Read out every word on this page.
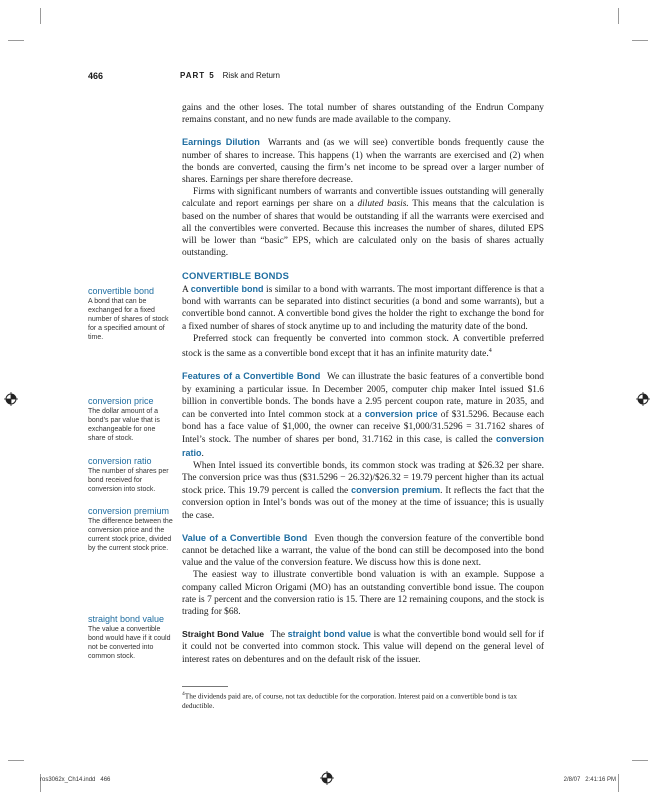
466	PART 5 Risk and Return

gains and the other loses. The total number of shares outstanding of the Endrun Company remains constant, and no new funds are made available to the company.

Earnings Dilution Warrants and (as we will see) convertible bonds frequently cause the number of shares to increase. This happens (1) when the warrants are exercised and (2) when the bonds are converted, causing the firm’s net income to be spread over a larger number of shares. Earnings per share therefore decrease.

Firms with significant numbers of warrants and convertible issues outstanding will generally calculate and report earnings per share on a diluted basis. This means that the calculation is based on the number of shares that would be outstanding if all the warrants were exercised and all the convertibles were converted. Because this increases the number of shares, diluted EPS will be lower than “basic” EPS, which are calculated only on the basis of shares actually outstanding.

CONVERTIBLE BONDS

A convertible bond is similar to a bond with warrants. The most important difference is that a bond with warrants can be separated into distinct securities (a bond and some warrants), but a convertible bond cannot. A convertible bond gives the holder the right to exchange the bond for a fixed number of shares of stock anytime up to and including the maturity date of the bond.

Preferred stock can frequently be converted into common stock. A convertible preferred stock is the same as a convertible bond except that it has an infinite maturity date.$^4$

Features of a Convertible Bond We can illustrate the basic features of a convertible bond by examining a particular issue. In December 2005, computer chip maker Intel issued $1.6 billion in convertible bonds. The bonds have a 2.95 percent coupon rate, mature in 2035, and can be converted into Intel common stock at a conversion price of $31.5296. Because each bond has a face value of $1,000, the owner can receive $1,000/31.5296 = 31.7162 shares of Intel’s stock. The number of shares per bond, 31.7162 in this case, is called the conversion ratio.

When Intel issued its convertible bonds, its common stock was trading at $26.32 per share. The conversion price was thus ($31.5296 − 26.32)/$26.32 = 19.79 percent higher than its actual stock price. This 19.79 percent is called the conversion premium. It reflects the fact that the conversion option in Intel’s bonds was out of the money at the time of issuance; this is usually the case.

Value of a Convertible Bond Even though the conversion feature of the convertible bond cannot be detached like a warrant, the value of the bond can still be decomposed into the bond value and the value of the conversion feature. We discuss how this is done next.

The easiest way to illustrate convertible bond valuation is with an example. Suppose a company called Micron Origami (MO) has an outstanding convertible bond issue. The coupon rate is 7 percent and the conversion ratio is 15. There are 12 remaining coupons, and the stock is trading for $68.

Straight Bond Value The straight bond value is what the convertible bond would sell for if it could not be converted into common stock. This value will depend on the general level of interest rates on debentures and on the default risk of the issuer.

convertible bond
A bond that can be exchanged for a fixed number of shares of stock for a specified amount of time.
conversion price
The dollar amount of a bond’s par value that is exchangeable for one share of stock.
conversion ratio
The number of shares per bond received for conversion into stock.
conversion premium
The difference between the conversion price and the current stock price, divided by the current stock price.
straight bond value
The value a convertible bond would have if it could not be converted into common stock.
$^4$The dividends paid are, of course, not tax deductible for the corporation. Interest paid on a convertible bond is tax deductible.
ros3062x_Ch14.indd   466	2/8/07   2:41:16 PM
